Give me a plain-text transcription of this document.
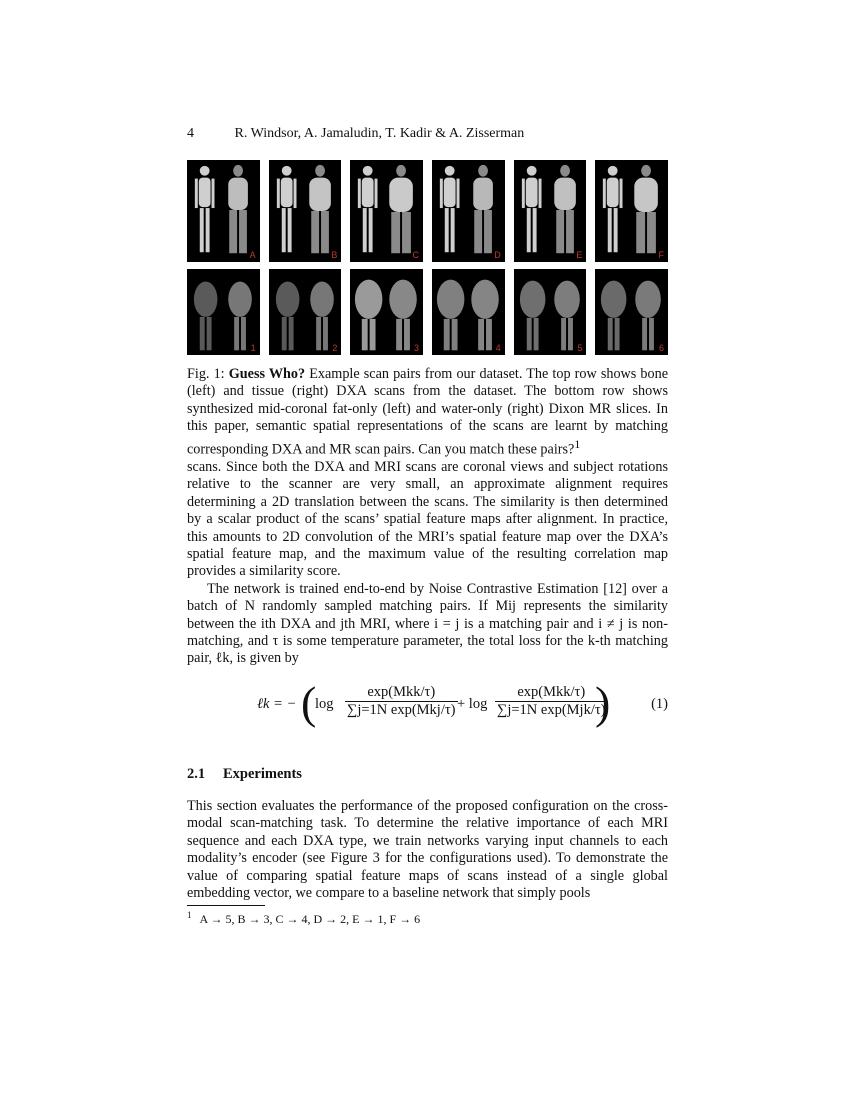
4	R. Windsor, A. Jamaludin, T. Kadir & A. Zisserman
A	B	C	D	E	F
1	2	3	4	5	6
Fig. 1: Guess Who? Example scan pairs from our dataset. The top row shows bone (left) and tissue (right) DXA scans from the dataset. The bottom row shows synthesized mid-coronal fat-only (left) and water-only (right) Dixon MR slices. In this paper, semantic spatial representations of the scans are learnt by matching corresponding DXA and MR scan pairs. Can you match these pairs?$^1$

scans. Since both the DXA and MRI scans are coronal views and subject rotations relative to the scanner are very small, an approximate alignment requires determining a 2D translation between the scans. The similarity is then determined by a scalar product of the scans’ spatial feature maps after alignment. In practice, this amounts to 2D convolution of the MRI’s spatial feature map over the DXA’s spatial feature map, and the maximum value of the resulting correlation map provides a similarity score.

The network is trained end-to-end by Noise Contrastive Estimation [12] over a batch of N randomly sampled matching pairs. If Mij represents the similarity between the ith DXA and jth MRI, where i = j is a matching pair and i ≠ j is non-matching, and τ is some temperature parameter, the total loss for the k-th matching pair, ℓk, is given by

ℓk = − (
log
exp(Mkk/τ)
∑j=1N exp(Mkj/τ) + log
exp(Mkk/τ)
∑j=1N exp(Mjk/τ)
)	(1)
2.1 Experiments
This section evaluates the performance of the proposed configuration on the cross-modal scan-matching task. To determine the relative importance of each MRI sequence and each DXA type, we train networks varying input channels to each modality’s encoder (see Figure 3 for the configurations used). To demonstrate the value of comparing spatial feature maps of scans instead of a single global embedding vector, we compare to a baseline network that simply pools
$^1$ A → 5, B → 3, C → 4, D → 2, E → 1, F → 6
